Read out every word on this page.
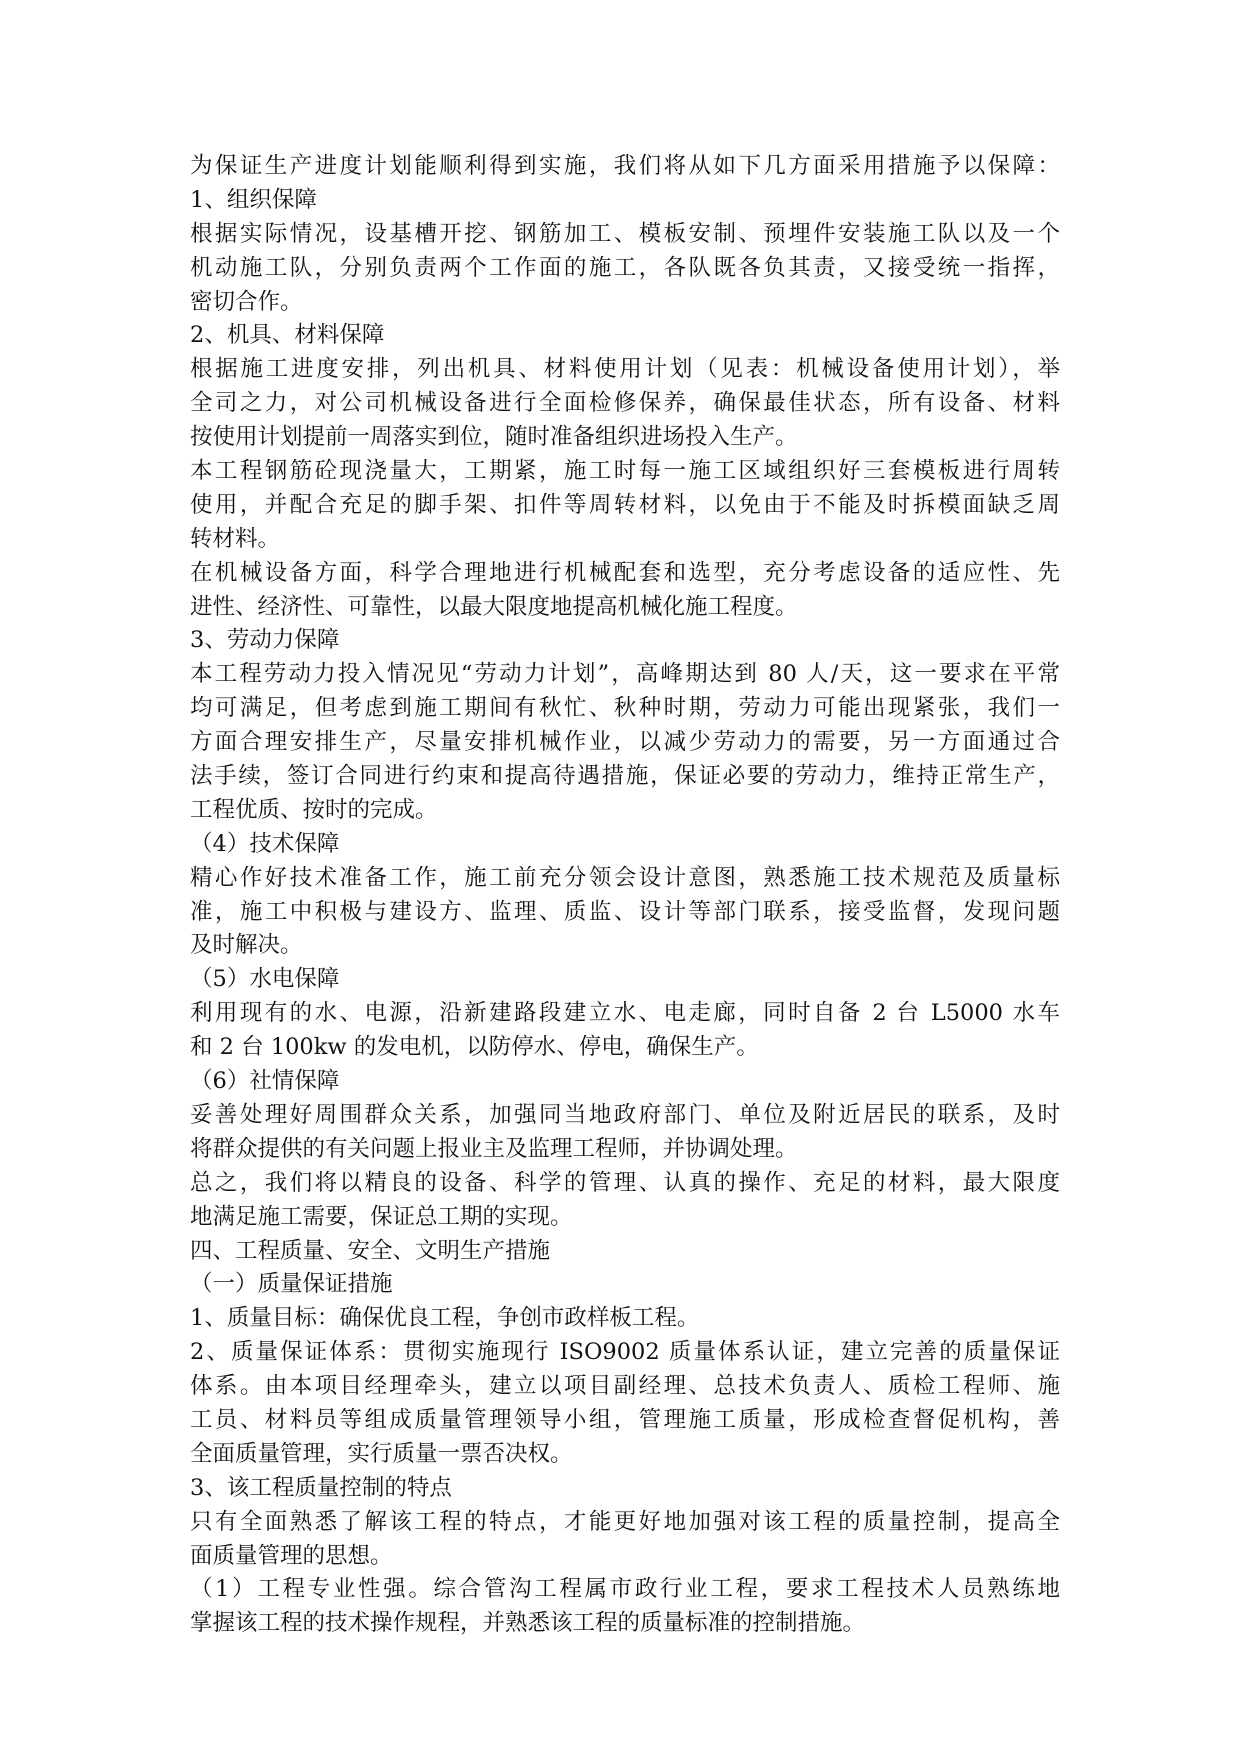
为保证生产进度计划能顺利得到实施，我们将从如下几方面采用措施予以保障：
1、组织保障
根据实际情况，设基槽开挖、钢筋加工、模板安制、预埋件安装施工队以及一个
机动施工队，分别负责两个工作面的施工，各队既各负其责，又接受统一指挥，
密切合作。
2、机具、材料保障
根据施工进度安排，列出机具、材料使用计划（见表：机械设备使用计划），举
全司之力，对公司机械设备进行全面检修保养，确保最佳状态，所有设备、材料
按使用计划提前一周落实到位，随时准备组织进场投入生产。
本工程钢筋砼现浇量大，工期紧，施工时每一施工区域组织好三套模板进行周转
使用，并配合充足的脚手架、扣件等周转材料，以免由于不能及时拆模面缺乏周
转材料。
在机械设备方面，科学合理地进行机械配套和选型，充分考虑设备的适应性、先
进性、经济性、可靠性，以最大限度地提高机械化施工程度。
3、劳动力保障
本工程劳动力投入情况见“劳动力计划”，高峰期达到 80 人/天，这一要求在平常
均可满足，但考虑到施工期间有秋忙、秋种时期，劳动力可能出现紧张，我们一
方面合理安排生产，尽量安排机械作业，以减少劳动力的需要，另一方面通过合
法手续，签订合同进行约束和提高待遇措施，保证必要的劳动力，维持正常生产，
工程优质、按时的完成。
（4）技术保障
精心作好技术准备工作，施工前充分领会设计意图，熟悉施工技术规范及质量标
准，施工中积极与建设方、监理、质监、设计等部门联系，接受监督，发现问题
及时解决。
（5）水电保障
利用现有的水、电源，沿新建路段建立水、电走廊，同时自备 2 台 L5000 水车
和 2 台 100kw 的发电机，以防停水、停电，确保生产。
（6）社情保障
妥善处理好周围群众关系，加强同当地政府部门、单位及附近居民的联系，及时
将群众提供的有关问题上报业主及监理工程师，并协调处理。
总之，我们将以精良的设备、科学的管理、认真的操作、充足的材料，最大限度
地满足施工需要，保证总工期的实现。
四、工程质量、安全、文明生产措施
（一）质量保证措施
1、质量目标：确保优良工程，争创市政样板工程。
2、质量保证体系：贯彻实施现行 ISO9002 质量体系认证，建立完善的质量保证
体系。由本项目经理牵头，建立以项目副经理、总技术负责人、质检工程师、施
工员、材料员等组成质量管理领导小组，管理施工质量，形成检查督促机构，善
全面质量管理，实行质量一票否决权。
3、该工程质量控制的特点
只有全面熟悉了解该工程的特点，才能更好地加强对该工程的质量控制，提高全
面质量管理的思想。
（1）工程专业性强。综合管沟工程属市政行业工程，要求工程技术人员熟练地
掌握该工程的技术操作规程，并熟悉该工程的质量标准的控制措施。
